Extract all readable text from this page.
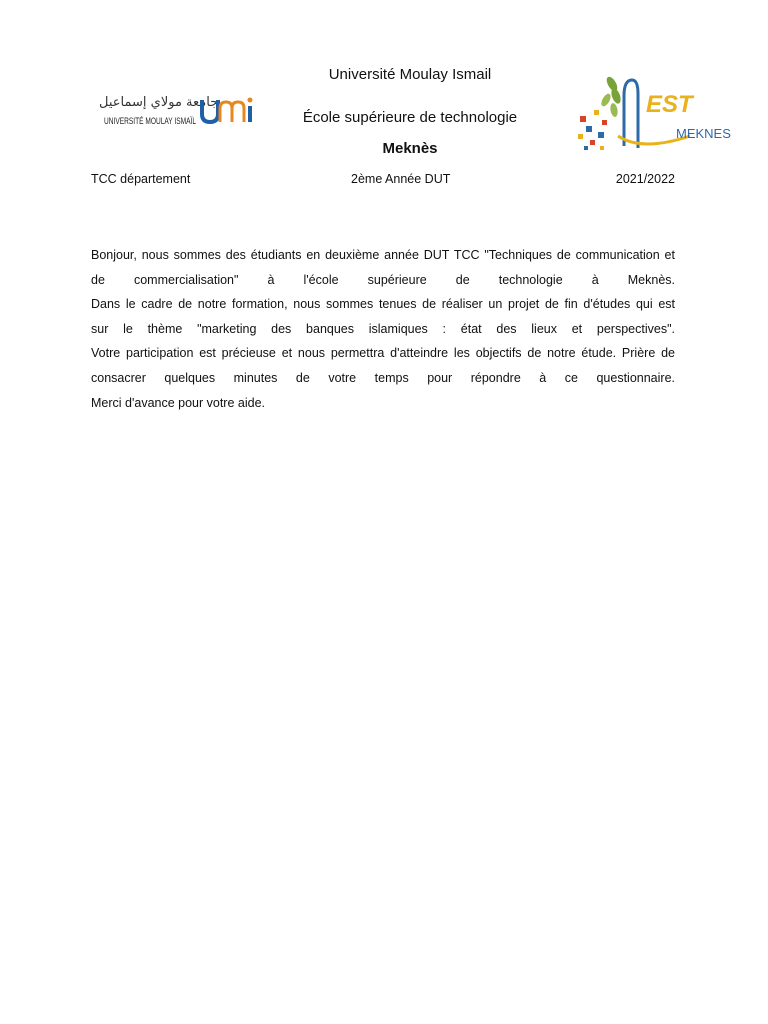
جامعة مولاي إسماعيل
UNIVERSITÉ MOULAY ISMAÏL
Université Moulay Ismail
École supérieure de technologie
Meknès
EST
MEKNES
TCC département	2ème Année DUT	2021/2022

Bonjour, nous sommes des étudiants en deuxième année DUT TCC "Techniques de communication et

de commercialisation" à l'école supérieure de technologie à Meknès.

Dans le cadre de notre formation, nous sommes tenues de réaliser un projet de fin d'études qui est

sur le thème "marketing des banques islamiques : état des lieux et perspectives".

Votre participation est précieuse et nous permettra d'atteindre les objectifs de notre étude. Prière de

consacrer quelques minutes de votre temps pour répondre à ce questionnaire.

Merci d'avance pour votre aide.
